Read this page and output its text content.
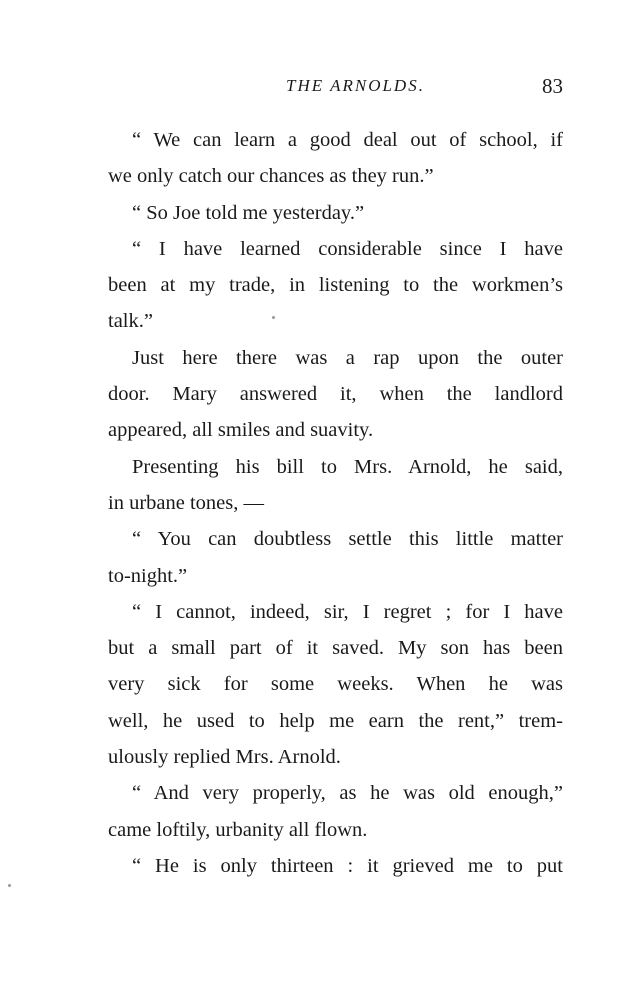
THE ARNOLDS.	83
“ We can learn a good deal out of school, if
we only catch our chances as they run.”
“ So Joe told me yesterday.”
“ I have learned considerable since I have
been at my trade, in listening to the workmen’s
talk.”
Just here there was a rap upon the outer
door. Mary answered it, when the landlord
appeared, all smiles and suavity.
Presenting his bill to Mrs. Arnold, he said,
in urbane tones, —
“ You can doubtless settle this little matter
to-night.”
“ I cannot, indeed, sir, I regret ; for I have
but a small part of it saved. My son has been
very sick for some weeks. When he was
well, he used to help me earn the rent,” trem-
ulously replied Mrs. Arnold.
“ And very properly, as he was old enough,”
came loftily, urbanity all flown.
“ He is only thirteen : it grieved me to put
